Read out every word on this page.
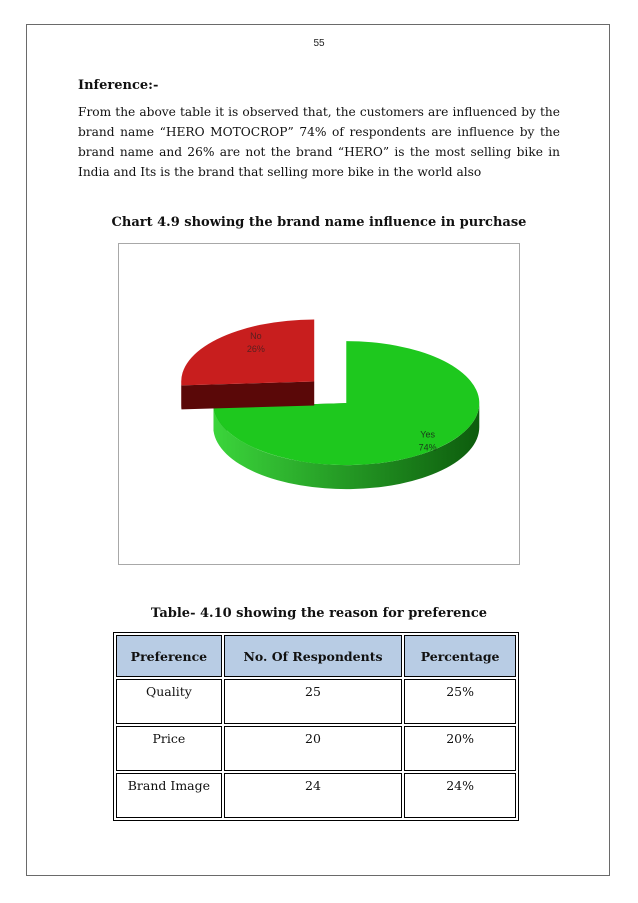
55
Inference:-
From the above table it is observed that, the customers are influenced by the brand name “HERO MOTOCROP” 74% of respondents are influence by the brand name and 26% are not the brand “HERO” is the most selling bike in India and Its is the brand that selling more bike in the world also
Chart 4.9 showing the brand name influence in purchase
Yes
74%
No
26%
Table- 4.10 showing the reason for preference
Preference	No. Of Respondents	Percentage
Quality	25	25%
Price	20	20%
Brand Image	24	24%
